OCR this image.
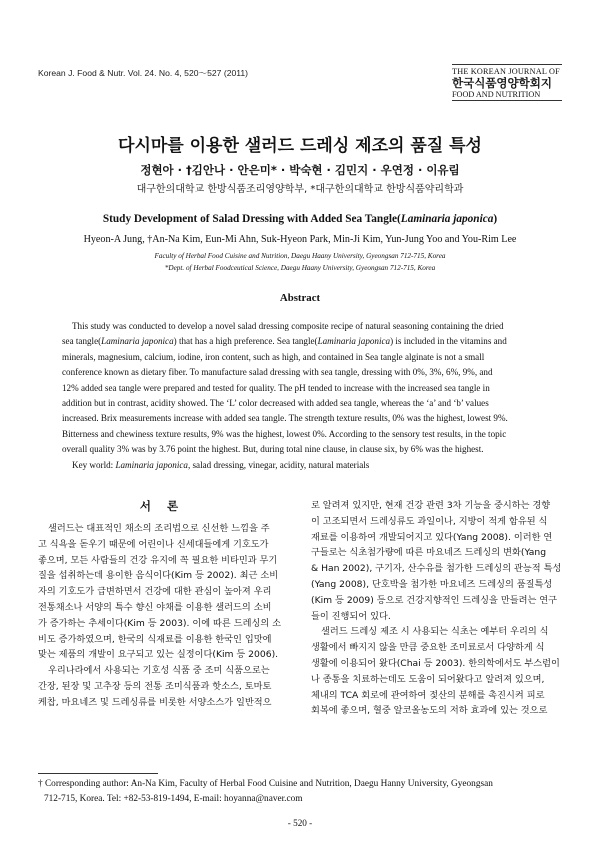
Korean J. Food & Nutr. Vol. 24. No. 4, 520～527 (2011)	THE KOREAN JOURNAL OF
한국식품영양학회지
FOOD AND NUTRITION
다시마를 이용한 샐러드 드레싱 제조의 품질 특성
정현아 · †김안나 · 안은미* · 박숙현 · 김민지 · 우연정 · 이유림
대구한의대학교 한방식품조리영양학부, *대구한의대학교 한방식품약리학과
Study Development of Salad Dressing with Added Sea Tangle(Laminaria japonica)
Hyeon-A Jung, †An-Na Kim, Eun-Mi Ahn, Suk-Hyeon Park, Min-Ji Kim, Yun-Jung Yoo and You-Rim Lee
Faculty of Herbal Food Cuisine and Nutrition, Daegu Haany University, Gyeongsan 712-715, Korea
*Dept. of Herbal Foodceutical Science, Daegu Haany University, Gyeongsan 712-715, Korea
Abstract
This study was conducted to develop a novel salad dressing composite recipe of natural seasoning containing the dried
sea tangle(Laminaria japonica) that has a high preference. Sea tangle(Laminaria japonica) is included in the vitamins and
minerals, magnesium, calcium, iodine, iron content, such as high, and contained in Sea tangle alginate is not a small
conference known as dietary fiber. To manufacture salad dressing with sea tangle, dressing with 0%, 3%, 6%, 9%, and
12% added sea tangle were prepared and tested for quality. The pH tended to increase with the increased sea tangle in
addition but in contrast, acidity showed. The ‘L’ color decreased with added sea tangle, whereas the ‘a’ and ‘b’ values
increased. Brix measurements increase with added sea tangle. The strength texture results, 0% was the highest, lowest 9%.
Bitterness and chewiness texture results, 9% was the highest, lowest 0%. According to the sensory test results, in the topic
overall quality 3% was by 3.76 point the highest. But, during total nine clause, in clause six, by 6% was the highest.
Key world: Laminaria japonica, salad dressing, vinegar, acidity, natural materials
서 론
샐러드는 대표적인 채소의 조리법으로 신선한 느낌을 주
고 식욕을 돋우기 때문에 어린이나 신세대들에게 기호도가
좋으며, 모든 사람들의 건강 유지에 꼭 필요한 비타민과 무기
질을 섭취하는데 용이한 음식이다(Kim 등 2002). 최근 소비
자의 기호도가 급변하면서 건강에 대한 관심이 높아져 우리
전통채소나 서양의 특수 향신 야채를 이용한 샐러드의 소비
가 증가하는 추세이다(Kim 등 2003). 이에 따른 드레싱의 소
비도 증가하였으며, 한국의 식재료를 이용한 한국인 입맛에
맞는 제품의 개발이 요구되고 있는 실정이다(Kim 등 2006).
우리나라에서 사용되는 기호성 식품 중 조미 식품으로는
간장, 된장 및 고추장 등의 전통 조미식품과 핫소스, 토마토
케찹, 마요네즈 및 드레싱류를 비롯한 서양소스가 일반적으
로 알려져 있지만, 현재 건강 관련 3차 기능을 중시하는 경향
이 고조되면서 드레싱류도 과일이나, 지방이 적게 함유된 식
재료를 이용하여 개발되어지고 있다(Yang 2008). 이러한 연
구들로는 식초첨가량에 따른 마요네즈 드레싱의 변화(Yang
& Han 2002), 구기자, 산수유를 첨가한 드레싱의 관능적 특성
(Yang 2008), 단호박을 첨가한 마요네즈 드레싱의 품질특성
(Kim 등 2009) 등으로 건강지향적인 드레싱을 만들려는 연구
들이 진행되어 있다.
샐러드 드레싱 제조 시 사용되는 식초는 예부터 우리의 식
생활에서 빠지지 않을 만큼 중요한 조미료로서 다양하게 식
생활에 이용되어 왔다(Chai 등 2003). 한의학에서도 부스럼이
나 종통을 치료하는데도 도움이 되어왔다고 알려져 있으며,
체내의 TCA 회로에 관여하여 젖산의 분해를 촉진시켜 피로
회복에 좋으며, 혈중 알코올농도의 저하 효과에 있는 것으로
† Corresponding author: An-Na Kim, Faculty of Herbal Food Cuisine and Nutrition, Daegu Hanny University, Gyeongsan
712-715, Korea. Tel: +82-53-819-1494, E-mail: hoyanna@naver.com
- 520 -
